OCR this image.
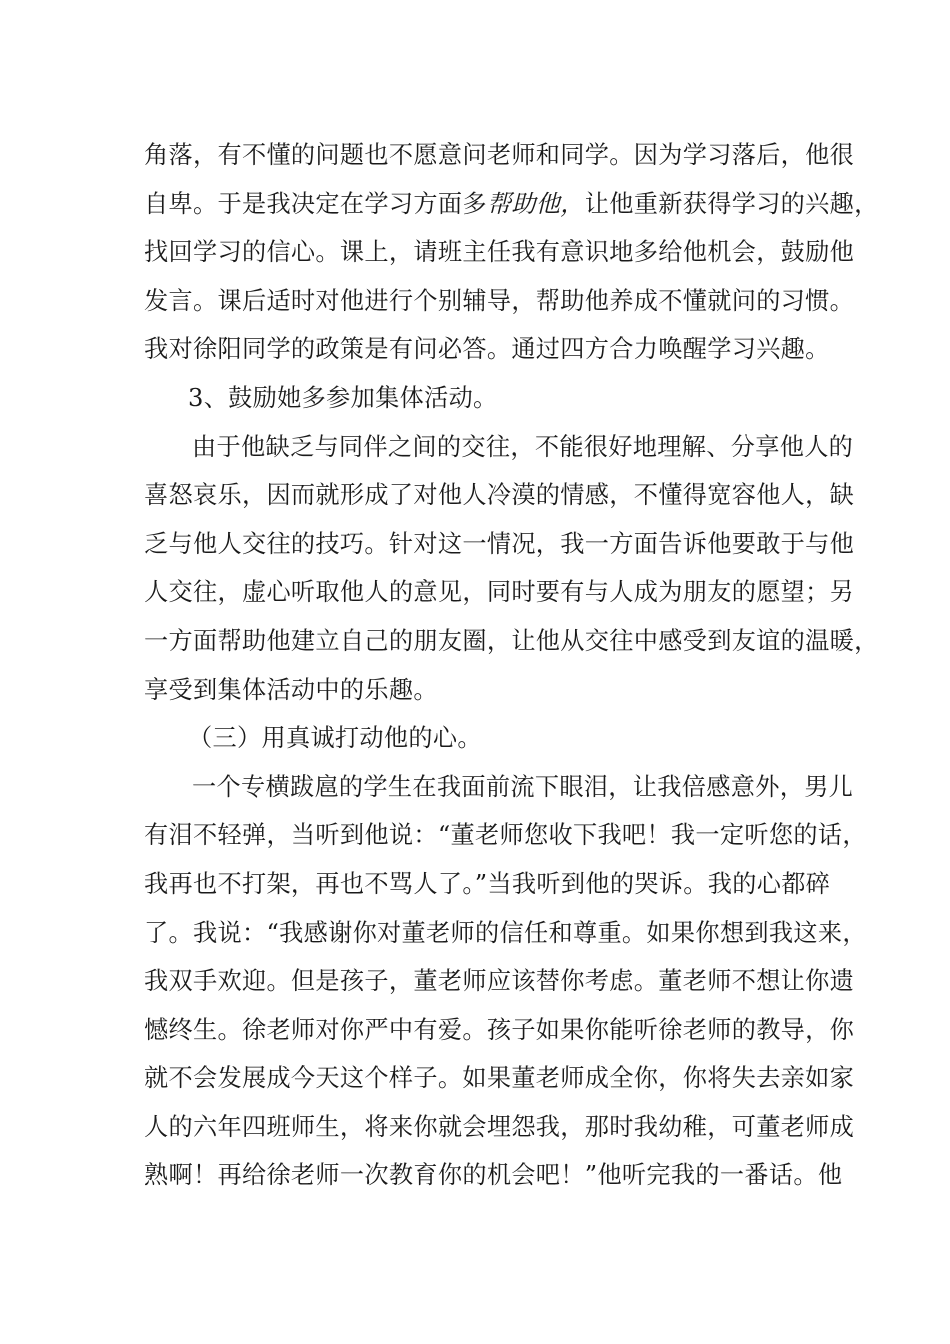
角落，有不懂的问题也不愿意问老师和同学。因为学习落后，他很
自卑。于是我决定在学习方面多帮助他，让他重新获得学习的兴趣，
找回学习的信心。课上，请班主任我有意识地多给他机会，鼓励他
发言。课后适时对他进行个别辅导，帮助他养成不懂就问的习惯。
我对徐阳同学的政策是有问必答。通过四方合力唤醒学习兴趣。
3、鼓励她多参加集体活动。
由于他缺乏与同伴之间的交往，不能很好地理解、分享他人的
喜怒哀乐，因而就形成了对他人冷漠的情感，不懂得宽容他人，缺
乏与他人交往的技巧。针对这一情况，我一方面告诉他要敢于与他
人交往，虚心听取他人的意见，同时要有与人成为朋友的愿望；另
一方面帮助他建立自己的朋友圈，让他从交往中感受到友谊的温暖，
享受到集体活动中的乐趣。
（三）用真诚打动他的心。
一个专横跋扈的学生在我面前流下眼泪，让我倍感意外，男儿
有泪不轻弹，当听到他说：“董老师您收下我吧！我一定听您的话，
我再也不打架，再也不骂人了。”当我听到他的哭诉。我的心都碎
了。我说：“我感谢你对董老师的信任和尊重。如果你想到我这来，
我双手欢迎。但是孩子，董老师应该替你考虑。董老师不想让你遗
憾终生。徐老师对你严中有爱。孩子如果你能听徐老师的教导，你
就不会发展成今天这个样子。如果董老师成全你，你将失去亲如家
人的六年四班师生，将来你就会埋怨我，那时我幼稚，可董老师成
熟啊！再给徐老师一次教育你的机会吧！”他听完我的一番话。他
